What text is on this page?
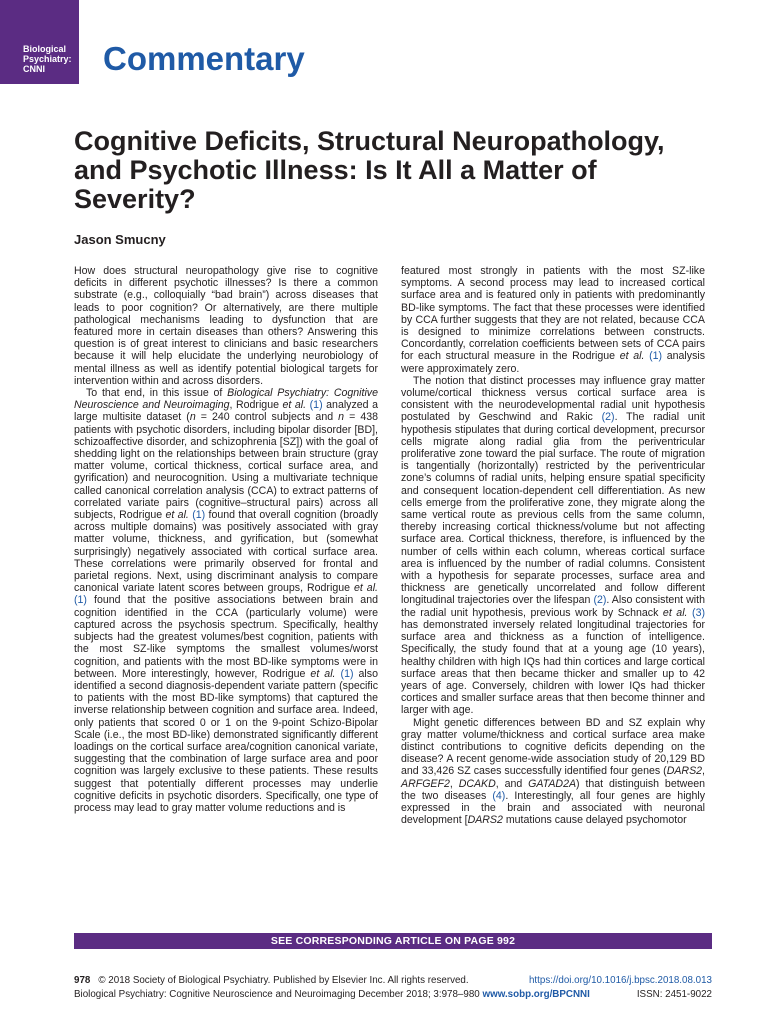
Biological
Psychiatry:
CNNI	Commentary
Cognitive Deficits, Structural Neuropathology, and Psychotic Illness: Is It All a Matter of Severity?
Jason Smucny

How does structural neuropathology give rise to cognitive deficits in different psychotic illnesses? Is there a common substrate (e.g., colloquially “bad brain”) across diseases that leads to poor cognition? Or alternatively, are there multiple pathological mechanisms leading to dysfunction that are featured more in certain diseases than others? Answering this question is of great interest to clinicians and basic researchers because it will help elucidate the underlying neurobiology of mental illness as well as identify potential biological targets for intervention within and across disorders.

To that end, in this issue of Biological Psychiatry: Cognitive Neuroscience and Neuroimaging, Rodrigue et al. (1) analyzed a large multisite dataset (n = 240 control subjects and n = 438 patients with psychotic disorders, including bipolar disorder [BD], schizoaffective disorder, and schizophrenia [SZ]) with the goal of shedding light on the relationships between brain structure (gray matter volume, cortical thickness, cortical surface area, and gyrification) and neurocognition. Using a multivariate technique called canonical correlation analysis (CCA) to extract patterns of correlated variate pairs (cognitive–structural pairs) across all subjects, Rodrigue et al. (1) found that overall cognition (broadly across multiple domains) was positively associated with gray matter volume, thickness, and gyrification, but (somewhat surprisingly) negatively associated with cortical surface area. These correlations were primarily observed for frontal and parietal regions. Next, using discriminant analysis to compare canonical variate latent scores between groups, Rodrigue et al. (1) found that the positive associations between brain and cognition identified in the CCA (particularly volume) were captured across the psychosis spectrum. Specifically, healthy subjects had the greatest volumes/best cognition, patients with the most SZ-like symptoms the smallest volumes/worst cognition, and patients with the most BD-like symptoms were in between. More interestingly, however, Rodrigue et al. (1) also identified a second diagnosis-dependent variate pattern (specific to patients with the most BD-like symptoms) that captured the inverse relationship between cognition and surface area. Indeed, only patients that scored 0 or 1 on the 9-point Schizo-Bipolar Scale (i.e., the most BD-like) demonstrated significantly different loadings on the cortical surface area/cognition canonical variate, suggesting that the combination of large surface area and poor cognition was largely exclusive to these patients. These results suggest that potentially different processes may underlie cognitive deficits in psychotic disorders. Specifically, one type of process may lead to gray matter volume reductions and is

featured most strongly in patients with the most SZ-like symptoms. A second process may lead to increased cortical surface area and is featured only in patients with predominantly BD-like symptoms. The fact that these processes were identified by CCA further suggests that they are not related, because CCA is designed to minimize correlations between constructs. Concordantly, correlation coefficients between sets of CCA pairs for each structural measure in the Rodrigue et al. (1) analysis were approximately zero.

The notion that distinct processes may influence gray matter volume/cortical thickness versus cortical surface area is consistent with the neurodevelopmental radial unit hypothesis postulated by Geschwind and Rakic (2). The radial unit hypothesis stipulates that during cortical development, precursor cells migrate along radial glia from the periventricular proliferative zone toward the pial surface. The route of migration is tangentially (horizontally) restricted by the periventricular zone’s columns of radial units, helping ensure spatial specificity and consequent location-dependent cell differentiation. As new cells emerge from the proliferative zone, they migrate along the same vertical route as previous cells from the same column, thereby increasing cortical thickness/volume but not affecting surface area. Cortical thickness, therefore, is influenced by the number of cells within each column, whereas cortical surface area is influenced by the number of radial columns. Consistent with a hypothesis for separate processes, surface area and thickness are genetically uncorrelated and follow different longitudinal trajectories over the lifespan (2). Also consistent with the radial unit hypothesis, previous work by Schnack et al. (3) has demonstrated inversely related longitudinal trajectories for surface area and thickness as a function of intelligence. Specifically, the study found that at a young age (10 years), healthy children with high IQs had thin cortices and large cortical surface areas that then became thicker and smaller up to 42 years of age. Conversely, children with lower IQs had thicker cortices and smaller surface areas that then become thinner and larger with age.

Might genetic differences between BD and SZ explain why gray matter volume/thickness and cortical surface area make distinct contributions to cognitive deficits depending on the disease? A recent genome-wide association study of 20,129 BD and 33,426 SZ cases successfully identified four genes (DARS2, ARFGEF2, DCAKD, and GATAD2A) that distinguish between the two diseases (4). Interestingly, all four genes are highly expressed in the brain and associated with neuronal development [DARS2 mutations cause delayed psychomotor

SEE CORRESPONDING ARTICLE ON PAGE 992
978 © 2018 Society of Biological Psychiatry. Published by Elsevier Inc. All rights reserved.	https://doi.org/10.1016/j.bpsc.2018.08.013
Biological Psychiatry: Cognitive Neuroscience and Neuroimaging December 2018; 3:978–980 www.sobp.org/BPCNNI	ISSN: 2451-9022
